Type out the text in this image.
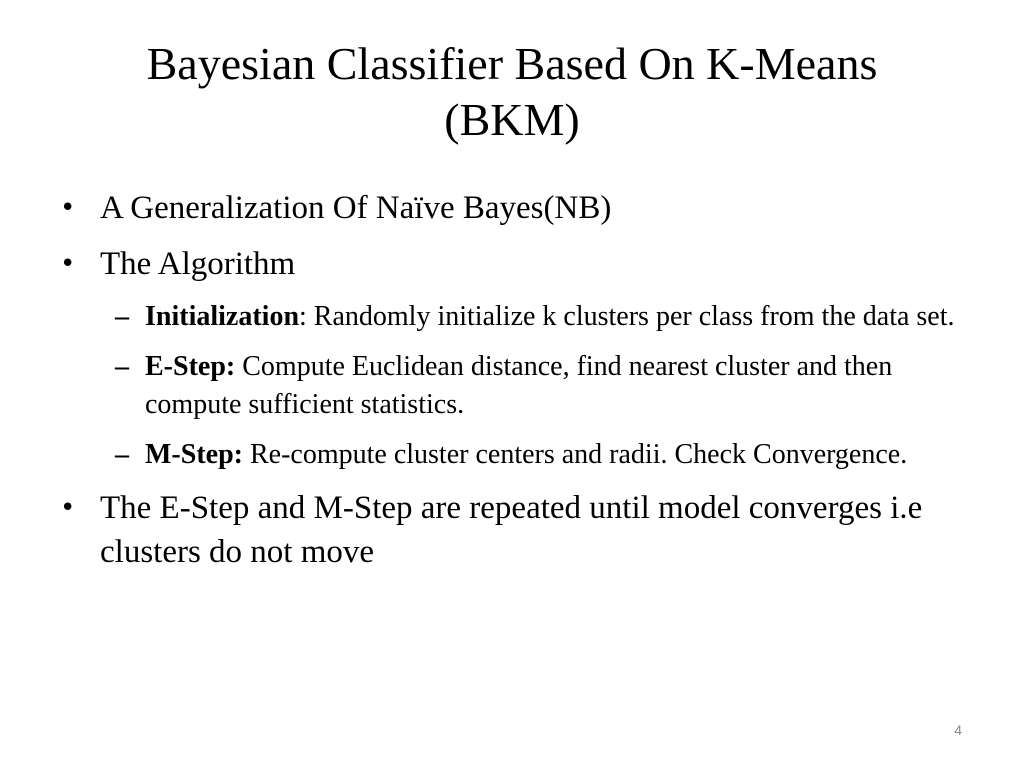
Bayesian Classifier Based On K-Means
(BKM)
• A Generalization Of Naïve Bayes(NB)
• The Algorithm
– Initialization: Randomly initialize k clusters per class from the data set.
– E-Step: Compute Euclidean distance, find nearest cluster and then compute sufficient statistics.
– M-Step: Re-compute cluster centers and radii. Check Convergence.
• The E-Step and M-Step are repeated until model converges i.e clusters do not move
4
